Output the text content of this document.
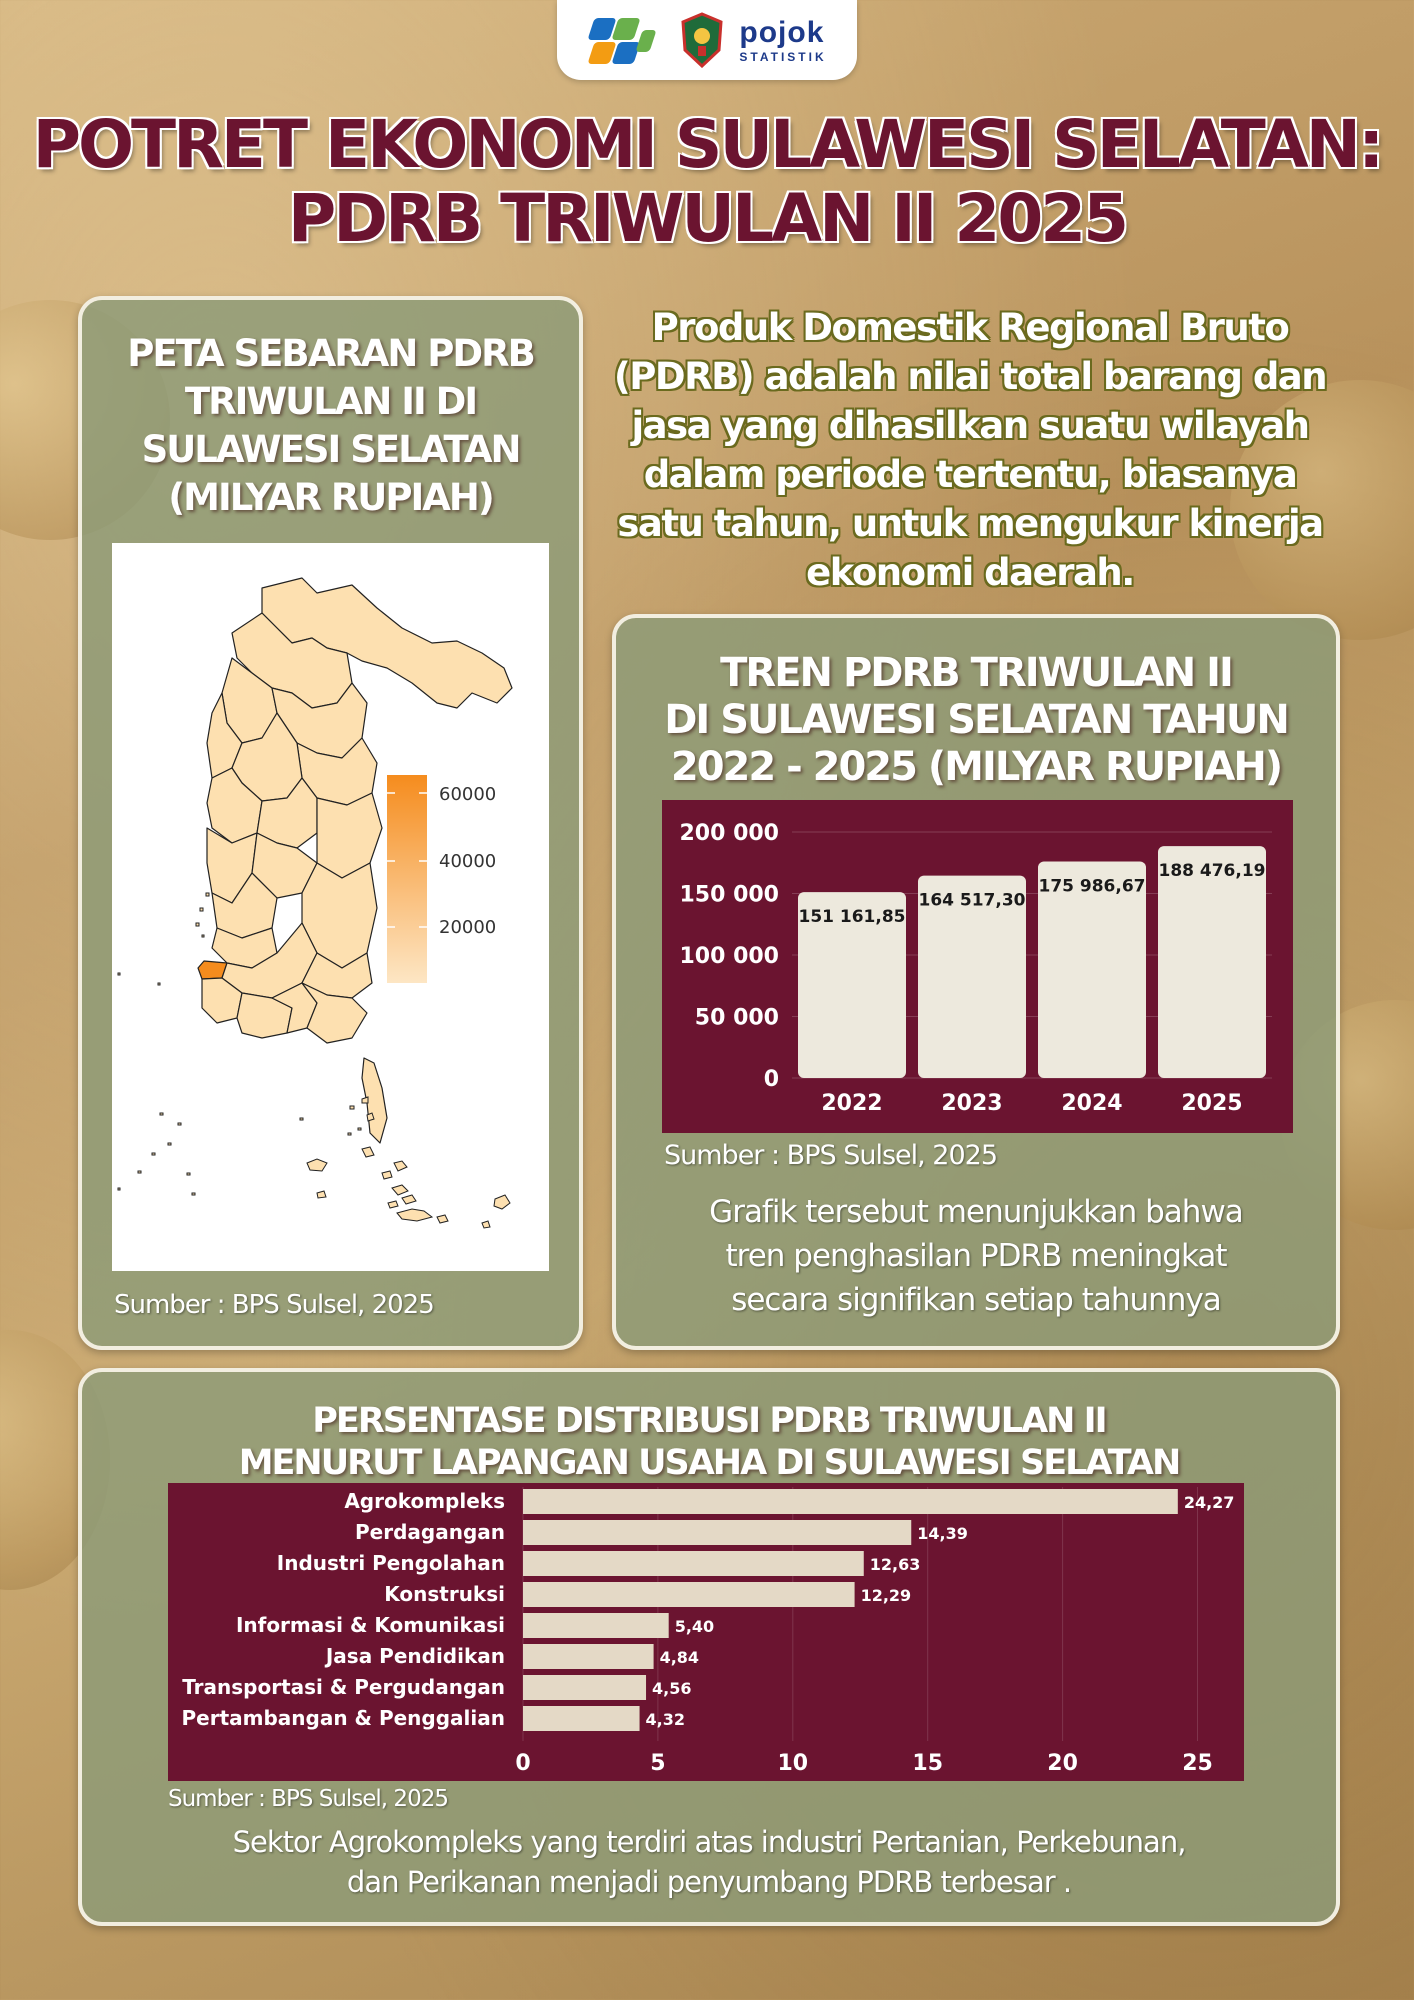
pojok
STATISTIK
POTRET EKONOMI SULAWESI SELATAN:
PDRB TRIWULAN II 2025
PETA SEBARAN PDRB
TRIWULAN II DI
SULAWESI SELATAN
(MILYAR RUPIAH)
Sumber : BPS Sulsel, 2025
60000
40000
20000
Produk Domestik Regional Bruto
(PDRB) adalah nilai total barang dan
jasa yang dihasilkan suatu wilayah
dalam periode tertentu, biasanya
satu tahun, untuk mengukur kinerja
ekonomi daerah.
TREN PDRB TRIWULAN II
DI SULAWESI SELATAN TAHUN
2022 - 2025 (MILYAR RUPIAH)
Sumber : BPS Sulsel, 2025
Grafik tersebut menunjukkan bahwa
tren penghasilan PDRB meningkat
secara signifikan setiap tahunnya
0
50 000
100 000
150 000
200 000
151 161,85
2022
164 517,30
2023
175 986,67
2024
188 476,19
2025
PERSENTASE DISTRIBUSI PDRB TRIWULAN II
MENURUT LAPANGAN USAHA DI SULAWESI SELATAN
Sumber : BPS Sulsel, 2025
Sektor Agrokompleks yang terdiri atas industri Pertanian, Perkebunan,
dan Perikanan menjadi penyumbang PDRB terbesar .
0	5	10	15	20	25
Agrokompleks	24,27
Perdagangan	14,39
Industri Pengolahan	12,63
Konstruksi	12,29
Informasi & Komunikasi	5,40
Jasa Pendidikan	4,84
Transportasi & Pergudangan	4,56
Pertambangan & Penggalian	4,32
